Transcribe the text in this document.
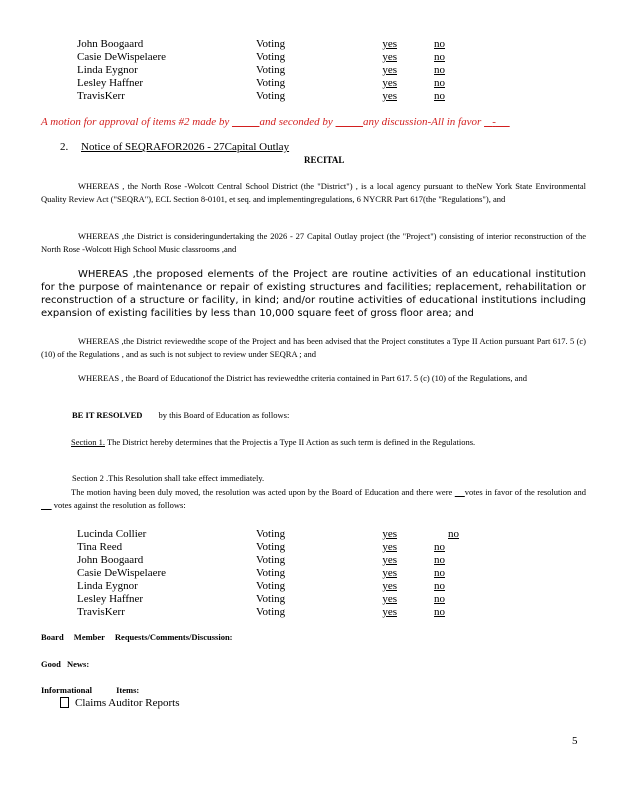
John Boogaard	Voting	yes	no
Casie DeWispelaere	Voting	yes	no
Linda Eygnor	Voting	yes	no
Lesley Haffner	Voting	yes	no
TravisKerr	Voting	yes	no
A motion for approval of items #2 made by	and seconded by	any discussion-All in favor -
2. Notice of SEQRAFOR2026 - 27Capital Outlay
RECITAL
WHEREAS , the North Rose -Wolcott Central School District (the "District") , is a local agency pursuant to theNew York State Environmental Quality Review Act ("SEQRA"), ECL Section 8-0101, et seq. and implementingregulations, 6 NYCRR Part 617(the "Regulations"), and
WHEREAS ,the District is consideringundertaking the 2026 - 27 Capital Outlay project (the "Project") consisting of interior reconstruction of the North Rose -Wolcott High School Music classrooms ,and
WHEREAS ,the proposed elements of the Project are routine activities of an educational institution for the purpose of maintenance or repair of existing structures and facilities; replacement, rehabilitation or reconstruction of a structure or facility, in kind; and/or routine activities of educational institutions including expansion of existing facilities by less than 10,000 square feet of gross floor area; and
WHEREAS ,the District reviewedthe scope of the Project and has been advised that the Project constitutes a Type II Action pursuant Part 617. 5 (c) (10) of the Regulations , and as such is not subject to review under SEQRA ; and
WHEREAS , the Board of Educationof the District has reviewedthe criteria contained in Part 617. 5 (c) (10) of the Regulations, and
BE IT RESOLVED by this Board of Education as follows:
Section 1. The District hereby determines that the Projectis a Type II Action as such term is defined in the Regulations.
Section 2 .This Resolution shall take effect immediately.
The motion having been duly moved, the resolution was acted upon by the Board of Education and there were votes in favor of the resolution and       votes against the resolution as follows:
Lucinda Collier	Voting	yes	no
Tina Reed	Voting	yes	no
John Boogaard	Voting	yes	no
Casie DeWispelaere	Voting	yes	no
Linda Eygnor	Voting	yes	no
Lesley Haffner	Voting	yes	no
TravisKerr	Voting	yes	no
Board Member Requests/Comments/Discussion:
Good News:
Informational Items:
Claims Auditor Reports
5
